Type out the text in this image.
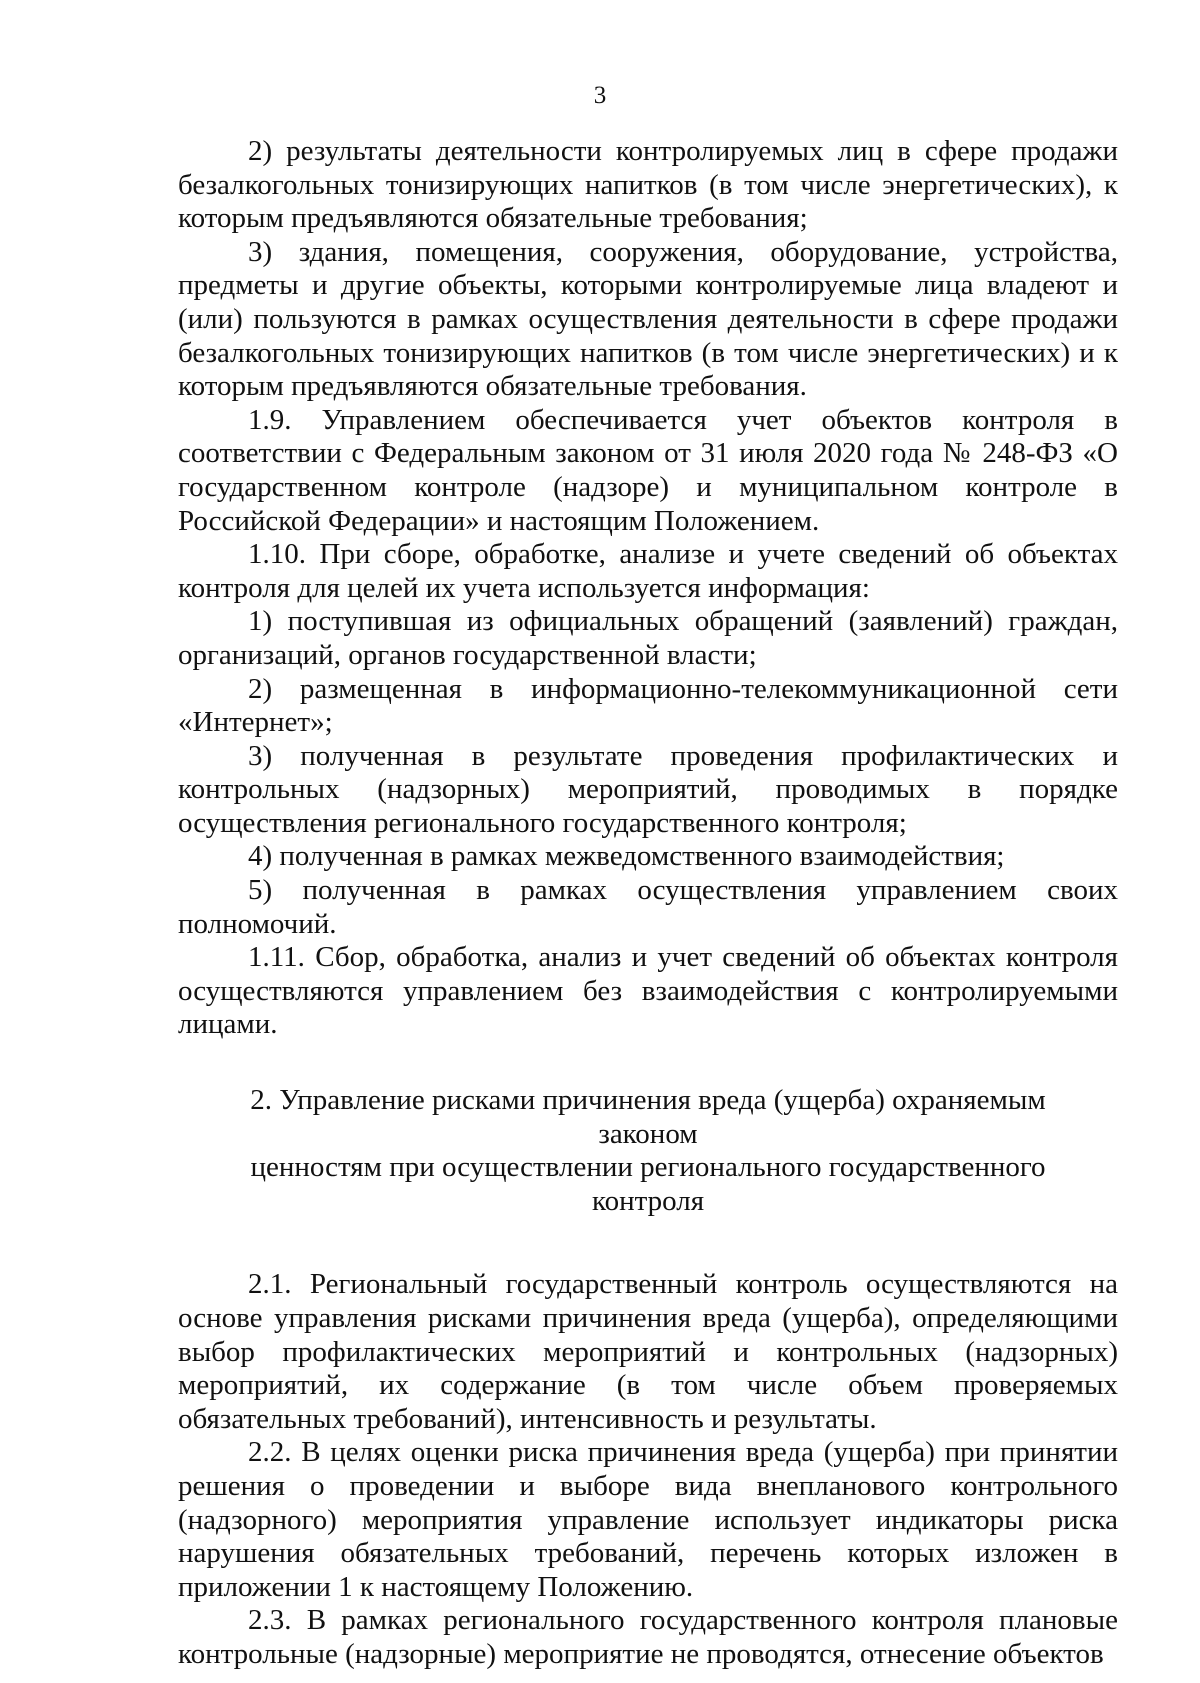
3

2) результаты деятельности контролируемых лиц в сфере продажи безалкогольных тонизирующих напитков (в том числе энергетических), к которым предъявляются обязательные требования;

3) здания, помещения, сооружения, оборудование, устройства, предметы и другие объекты, которыми контролируемые лица владеют и (или) пользуются в рамках осуществления деятельности в сфере продажи безалкогольных тонизирующих напитков (в том числе энергетических) и к которым предъявляются обязательные требования.

1.9. Управлением обеспечивается учет объектов контроля в соответствии с Федеральным законом от 31 июля 2020 года № 248-ФЗ «О государственном контроле (надзоре) и муниципальном контроле в Российской Федерации» и настоящим Положением.

1.10. При сборе, обработке, анализе и учете сведений об объектах контроля для целей их учета используется информация:

1) поступившая из официальных обращений (заявлений) граждан, организаций, органов государственной власти;

2) размещенная в информационно-телекоммуникационной сети «Интернет»;

3) полученная в результате проведения профилактических и контрольных (надзорных) мероприятий, проводимых в порядке осуществления регионального государственного контроля;

4) полученная в рамках межведомственного взаимодействия;

5) полученная в рамках осуществления управлением своих полномочий.

1.11. Сбор, обработка, анализ и учет сведений об объектах контроля осуществляются управлением без взаимодействия с контролируемыми лицами.

2. Управление рисками причинения вреда (ущерба) охраняемым законом
ценностям при осуществлении регионального государственного контроля

2.1. Региональный государственный контроль осуществляются на основе управления рисками причинения вреда (ущерба), определяющими выбор профилактических мероприятий и контрольных (надзорных) мероприятий, их содержание (в том числе объем проверяемых обязательных требований), интенсивность и результаты.

2.2. В целях оценки риска причинения вреда (ущерба) при принятии решения о проведении и выборе вида внепланового контрольного (надзорного) мероприятия управление использует индикаторы риска нарушения обязательных требований, перечень которых изложен в приложении 1 к настоящему Положению.

2.3. В рамках регионального государственного контроля плановые контрольные (надзорные) мероприятие не проводятся, отнесение объектов
